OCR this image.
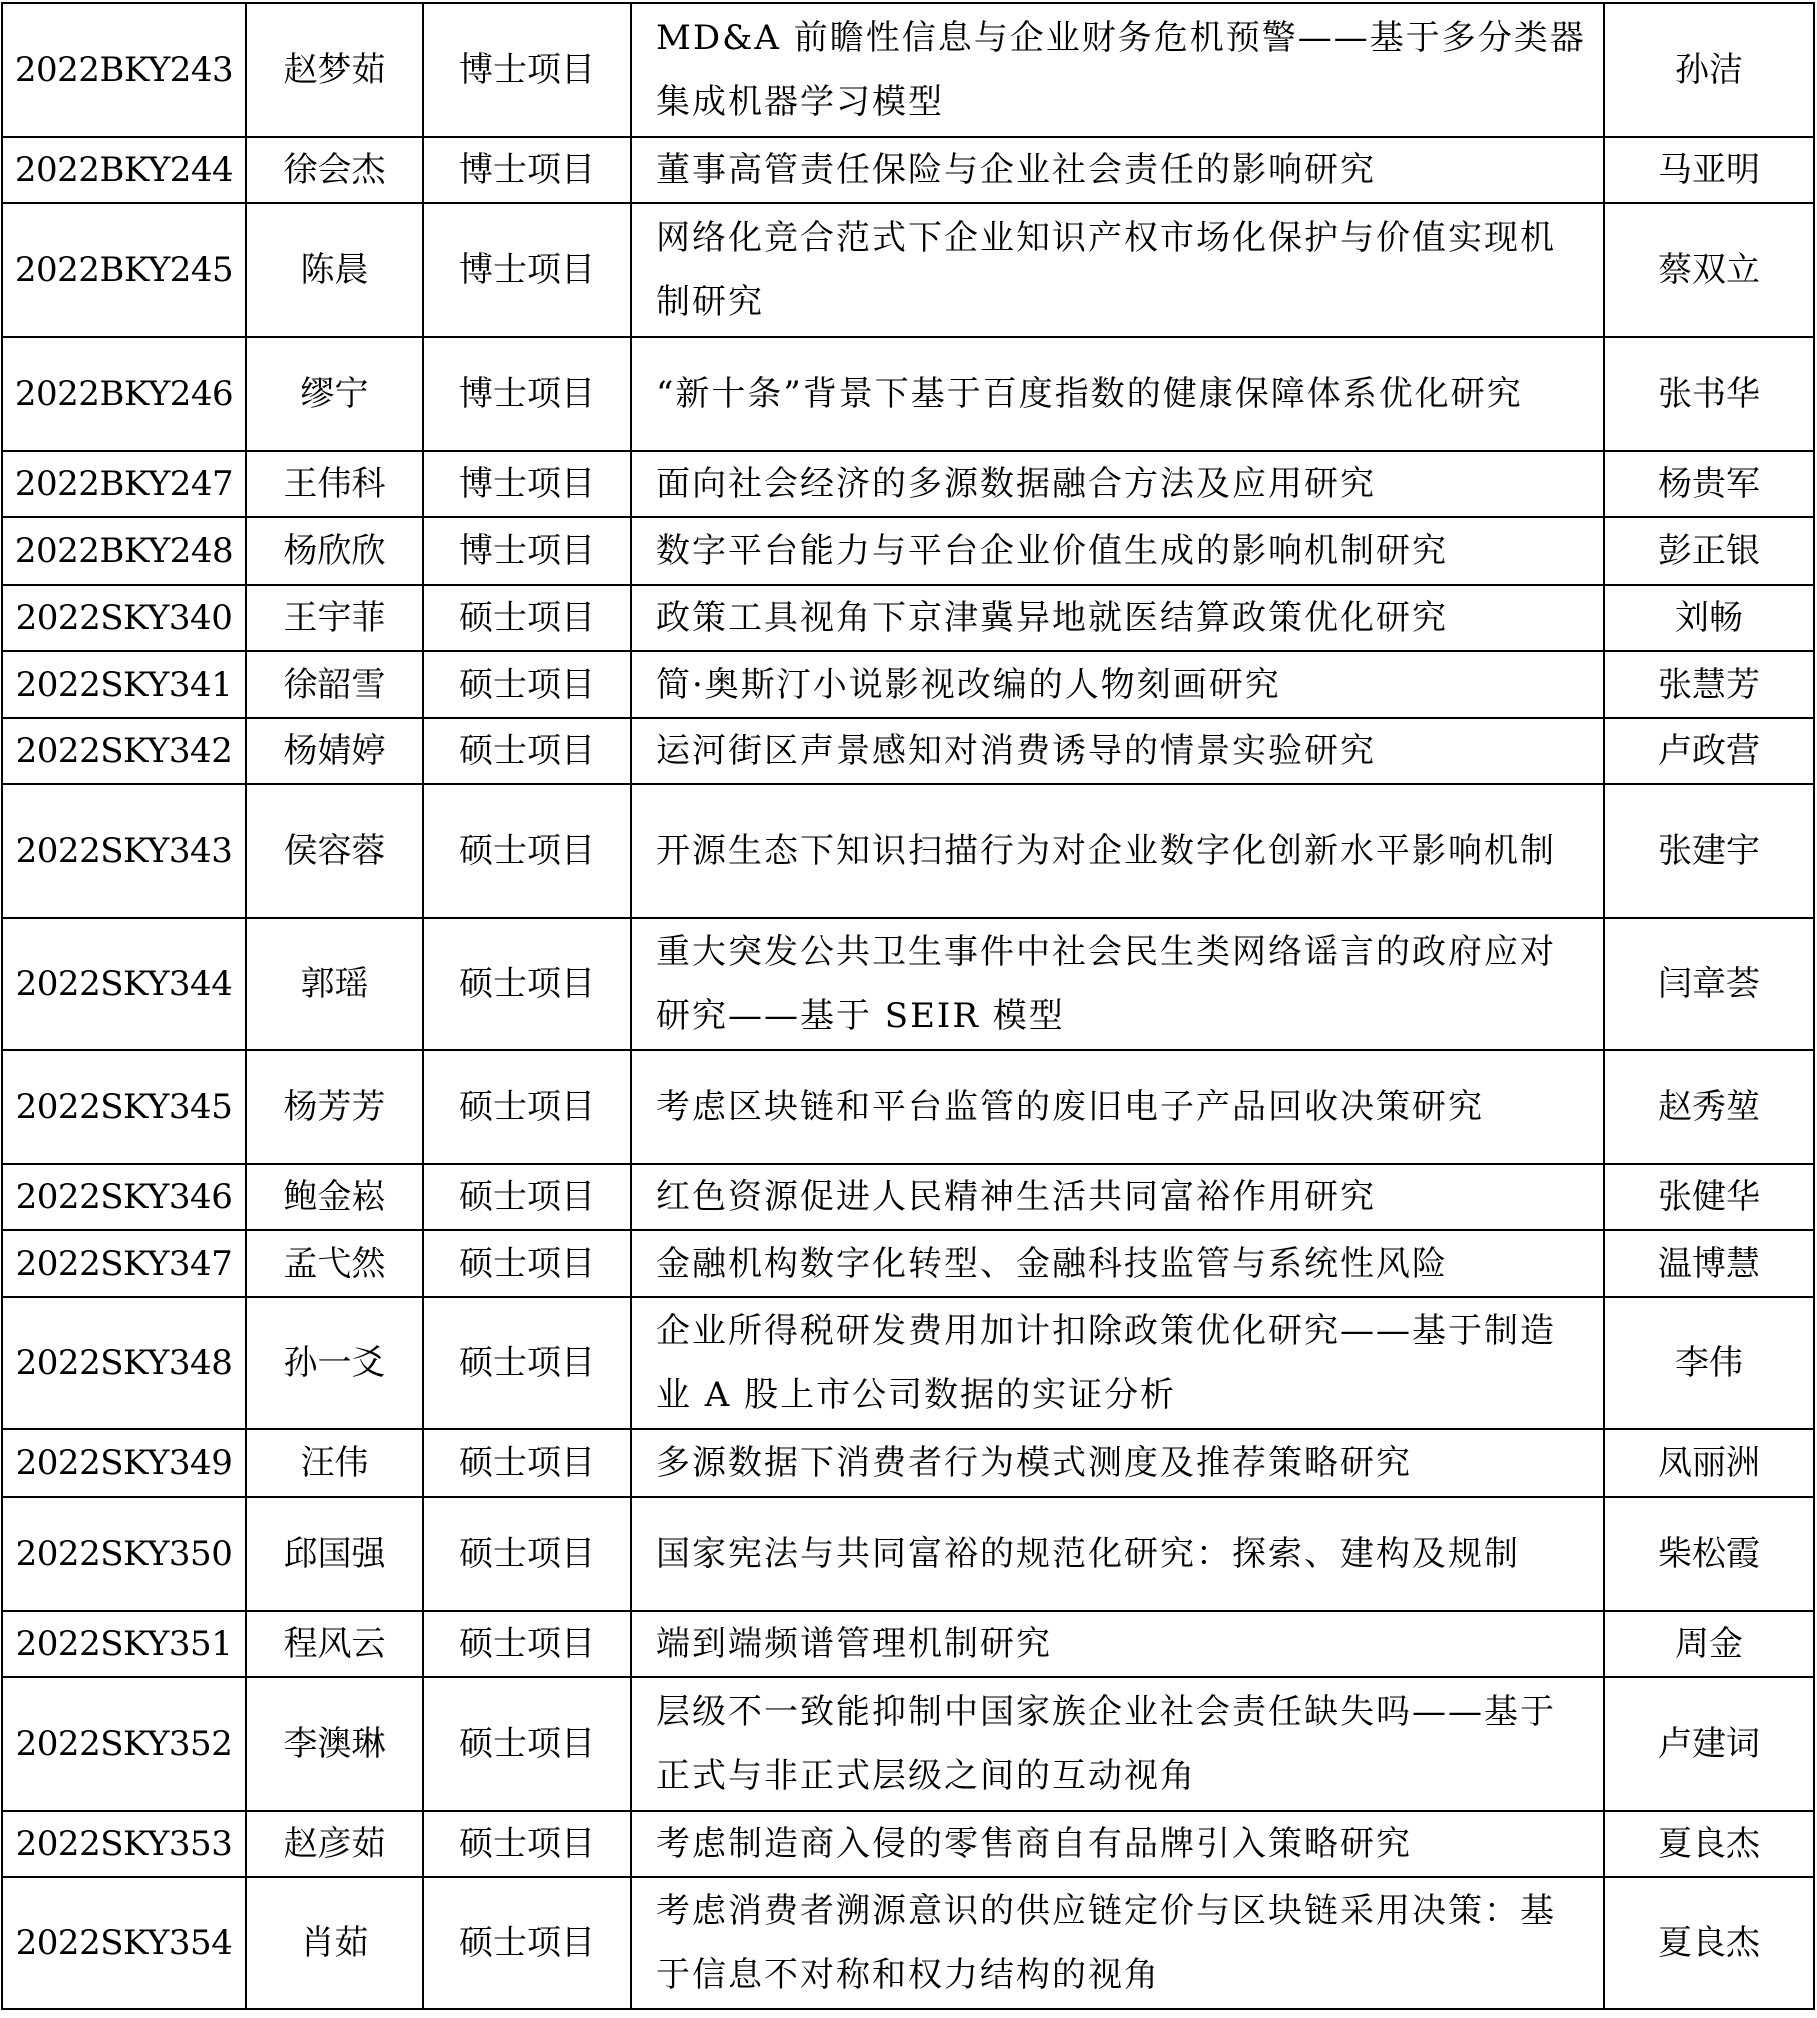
2022BKY243	赵梦茹	博士项目	MD&A 前瞻性信息与企业财务危机预警——基于多分类器集成机器学习模型	孙洁
2022BKY244	徐会杰	博士项目	董事高管责任保险与企业社会责任的影响研究	马亚明
2022BKY245	陈晨	博士项目	网络化竞合范式下企业知识产权市场化保护与价值实现机制研究	蔡双立
2022BKY246	缪宁	博士项目	“新十条”背景下基于百度指数的健康保障体系优化研究	张书华
2022BKY247	王伟科	博士项目	面向社会经济的多源数据融合方法及应用研究	杨贵军
2022BKY248	杨欣欣	博士项目	数字平台能力与平台企业价值生成的影响机制研究	彭正银
2022SKY340	王宇菲	硕士项目	政策工具视角下京津冀异地就医结算政策优化研究	刘畅
2022SKY341	徐韶雪	硕士项目	简·奥斯汀小说影视改编的人物刻画研究	张慧芳
2022SKY342	杨婧婷	硕士项目	运河街区声景感知对消费诱导的情景实验研究	卢政营
2022SKY343	侯容蓉	硕士项目	开源生态下知识扫描行为对企业数字化创新水平影响机制	张建宇
2022SKY344	郭瑶	硕士项目	重大突发公共卫生事件中社会民生类网络谣言的政府应对研究——基于 SEIR 模型	闫章荟
2022SKY345	杨芳芳	硕士项目	考虑区块链和平台监管的废旧电子产品回收决策研究	赵秀堃
2022SKY346	鲍金崧	硕士项目	红色资源促进人民精神生活共同富裕作用研究	张健华
2022SKY347	孟弋然	硕士项目	金融机构数字化转型、金融科技监管与系统性风险	温博慧
2022SKY348	孙一爻	硕士项目	企业所得税研发费用加计扣除政策优化研究——基于制造业 A 股上市公司数据的实证分析	李伟
2022SKY349	汪伟	硕士项目	多源数据下消费者行为模式测度及推荐策略研究	凤丽洲
2022SKY350	邱国强	硕士项目	国家宪法与共同富裕的规范化研究：探索、建构及规制	柴松霞
2022SKY351	程风云	硕士项目	端到端频谱管理机制研究	周金
2022SKY352	李澳琳	硕士项目	层级不一致能抑制中国家族企业社会责任缺失吗——基于正式与非正式层级之间的互动视角	卢建词
2022SKY353	赵彦茹	硕士项目	考虑制造商入侵的零售商自有品牌引入策略研究	夏良杰
2022SKY354	肖茹	硕士项目	考虑消费者溯源意识的供应链定价与区块链采用决策：基于信息不对称和权力结构的视角	夏良杰
